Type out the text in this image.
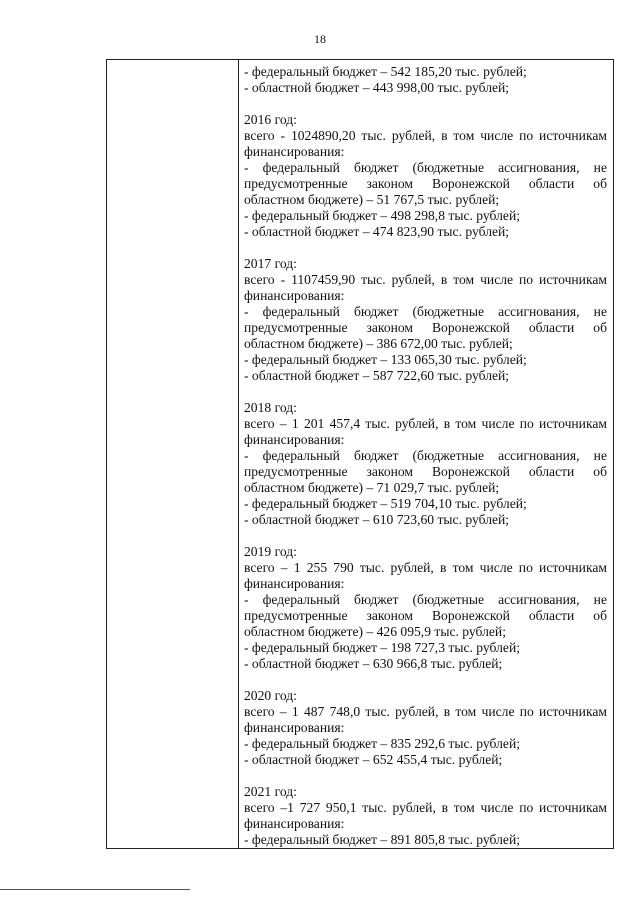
18
- федеральный бюджет – 542 185,20 тыс. рублей;
- областной бюджет – 443 998,00 тыс. рублей;
2016 год:
всего - 1024890,20 тыс. рублей, в том числе по источникам
финансирования:
- федеральный бюджет (бюджетные ассигнования, не
предусмотренные законом Воронежской области об
областном бюджете) – 51 767,5 тыс. рублей;
- федеральный бюджет – 498 298,8 тыс. рублей;
- областной бюджет – 474 823,90 тыс. рублей;
2017 год:
всего - 1107459,90 тыс. рублей, в том числе по источникам
финансирования:
- федеральный бюджет (бюджетные ассигнования, не
предусмотренные законом Воронежской области об
областном бюджете) – 386 672,00 тыс. рублей;
- федеральный бюджет – 133 065,30 тыс. рублей;
- областной бюджет – 587 722,60 тыс. рублей;
2018 год:
всего – 1 201 457,4 тыс. рублей, в том числе по источникам
финансирования:
- федеральный бюджет (бюджетные ассигнования, не
предусмотренные законом Воронежской области об
областном бюджете) – 71 029,7 тыс. рублей;
- федеральный бюджет – 519 704,10 тыс. рублей;
- областной бюджет – 610 723,60 тыс. рублей;
2019 год:
всего – 1 255 790 тыс. рублей, в том числе по источникам
финансирования:
- федеральный бюджет (бюджетные ассигнования, не
предусмотренные законом Воронежской области об
областном бюджете) – 426 095,9 тыс. рублей;
- федеральный бюджет – 198 727,3 тыс. рублей;
- областной бюджет – 630 966,8 тыс. рублей;
2020 год:
всего – 1 487 748,0 тыс. рублей, в том числе по источникам
финансирования:
- федеральный бюджет – 835 292,6 тыс. рублей;
- областной бюджет – 652 455,4 тыс. рублей;
2021 год:
всего –1 727 950,1 тыс. рублей, в том числе по источникам
финансирования:
- федеральный бюджет – 891 805,8 тыс. рублей;
